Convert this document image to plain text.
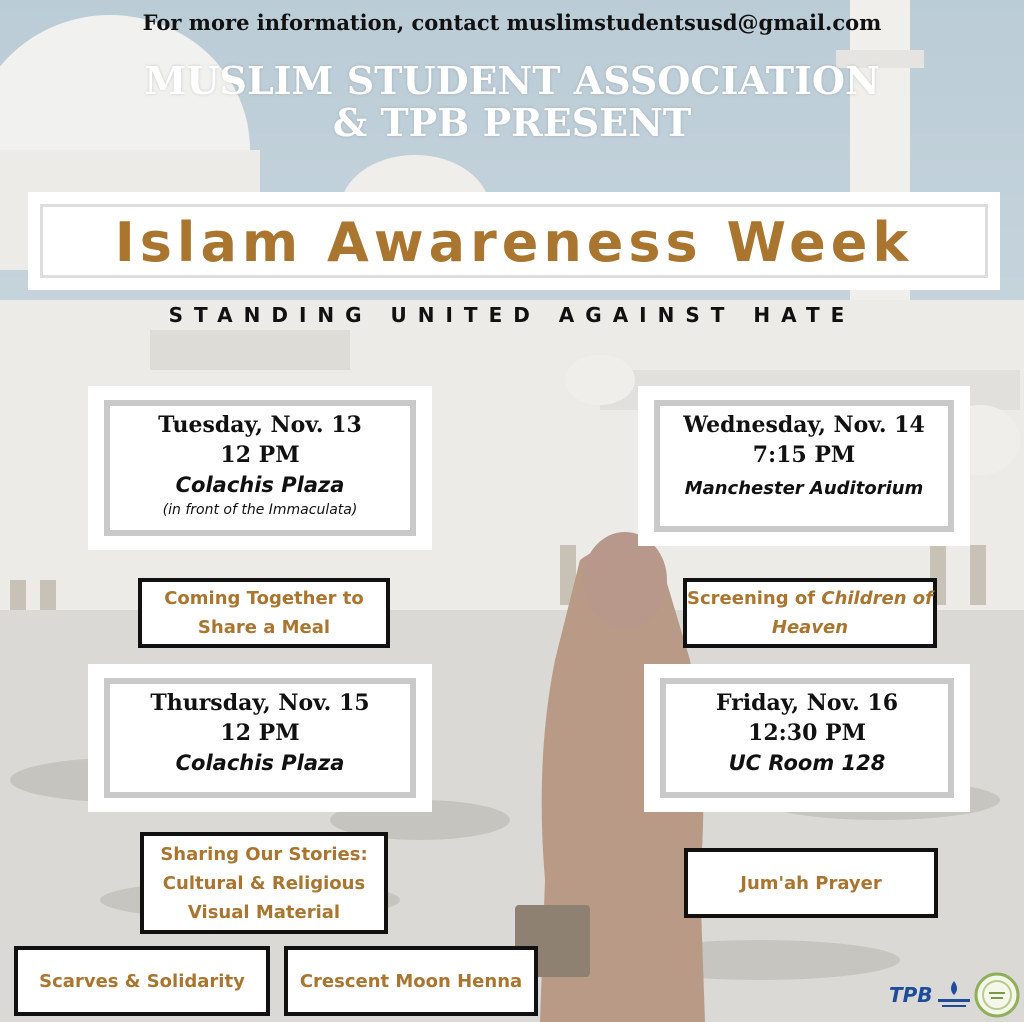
For more information, contact muslimstudentsusd@gmail.com
MUSLIM STUDENT ASSOCIATION
& TPB PRESENT
Islam Awareness Week
STANDING UNITED AGAINST HATE
Tuesday, Nov. 13
12 PM
Colachis Plaza
(in front of the Immaculata)
Wednesday, Nov. 14
7:15 PM
Manchester Auditorium
Coming Together to Share a Meal
Screening of Children of Heaven
Thursday, Nov. 15
12 PM
Colachis Plaza
Friday, Nov. 16
12:30 PM
UC Room 128
Sharing Our Stories: Cultural & Religious Visual Material
Jum'ah Prayer
Scarves & Solidarity	Crescent Moon Henna
TPB
